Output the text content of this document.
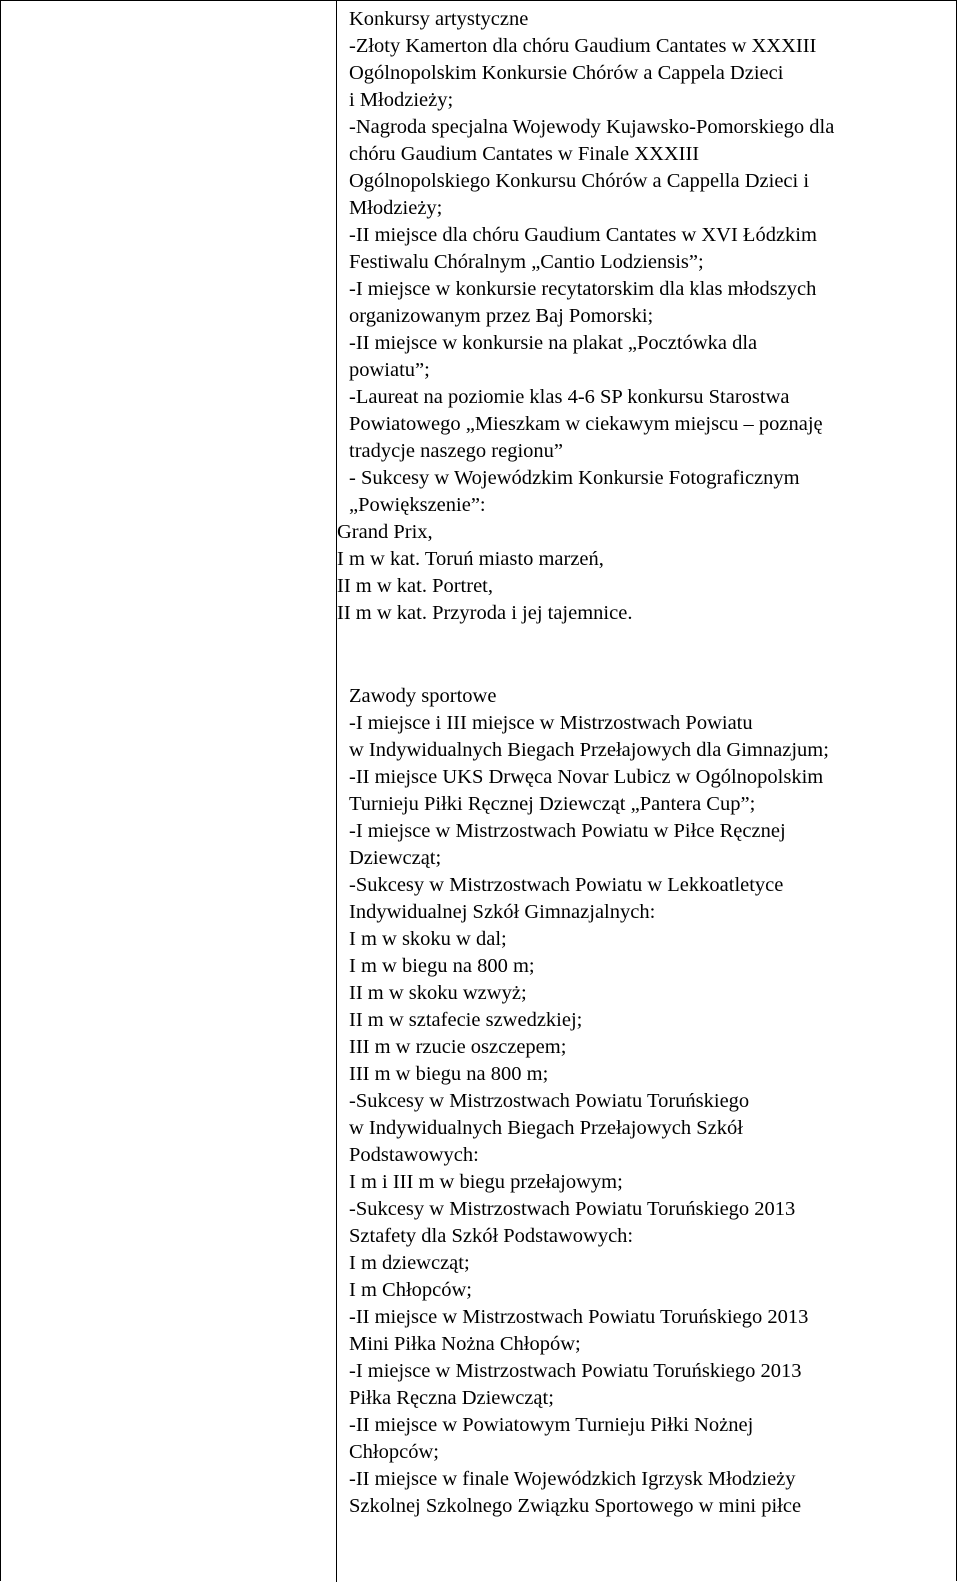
Konkursy artystyczne
-Złoty Kamerton dla chóru Gaudium Cantates w XXXIII
Ogólnopolskim Konkursie Chórów a Cappela Dzieci
i Młodzieży;
-Nagroda specjalna Wojewody Kujawsko-Pomorskiego dla
chóru Gaudium Cantates w Finale XXXIII
Ogólnopolskiego Konkursu Chórów a Cappella Dzieci i
Młodzieży;
-II miejsce dla chóru Gaudium Cantates w XVI Łódzkim
Festiwalu Chóralnym „Cantio Lodziensis”;
-I miejsce w konkursie recytatorskim dla klas młodszych
organizowanym przez Baj Pomorski;
-II miejsce w konkursie na plakat „Pocztówka dla
powiatu”;
-Laureat na poziomie klas 4-6 SP konkursu Starostwa
Powiatowego „Mieszkam w ciekawym miejscu – poznaję
tradycje naszego regionu”
- Sukcesy w Wojewódzkim Konkursie Fotograficznym
„Powiększenie”:
Grand Prix,
I m w kat. Toruń miasto marzeń,
II m w kat. Portret,
II m w kat. Przyroda i jej tajemnice.
Zawody sportowe
-I miejsce i III miejsce w Mistrzostwach Powiatu
w Indywidualnych Biegach Przełajowych dla Gimnazjum;
-II miejsce UKS Drwęca Novar Lubicz w Ogólnopolskim
Turnieju Piłki Ręcznej Dziewcząt „Pantera Cup”;
-I miejsce w Mistrzostwach Powiatu w Piłce Ręcznej
Dziewcząt;
-Sukcesy w Mistrzostwach Powiatu w Lekkoatletyce
Indywidualnej Szkół Gimnazjalnych:
I m w skoku w dal;
I m w biegu na 800 m;
II m w skoku wzwyż;
II m w sztafecie szwedzkiej;
III m w rzucie oszczepem;
III m w biegu na 800 m;
-Sukcesy w Mistrzostwach Powiatu Toruńskiego
w Indywidualnych Biegach Przełajowych Szkół
Podstawowych:
I m i III m w biegu przełajowym;
-Sukcesy w Mistrzostwach Powiatu Toruńskiego 2013
Sztafety dla Szkół Podstawowych:
I m dziewcząt;
I m Chłopców;
-II miejsce w Mistrzostwach Powiatu Toruńskiego 2013
Mini Piłka Nożna Chłopów;
-I miejsce w Mistrzostwach Powiatu Toruńskiego 2013
Piłka Ręczna Dziewcząt;
-II miejsce w Powiatowym Turnieju Piłki Nożnej
Chłopców;
-II miejsce w finale Wojewódzkich Igrzysk Młodzieży
Szkolnej Szkolnego Związku Sportowego w mini piłce
